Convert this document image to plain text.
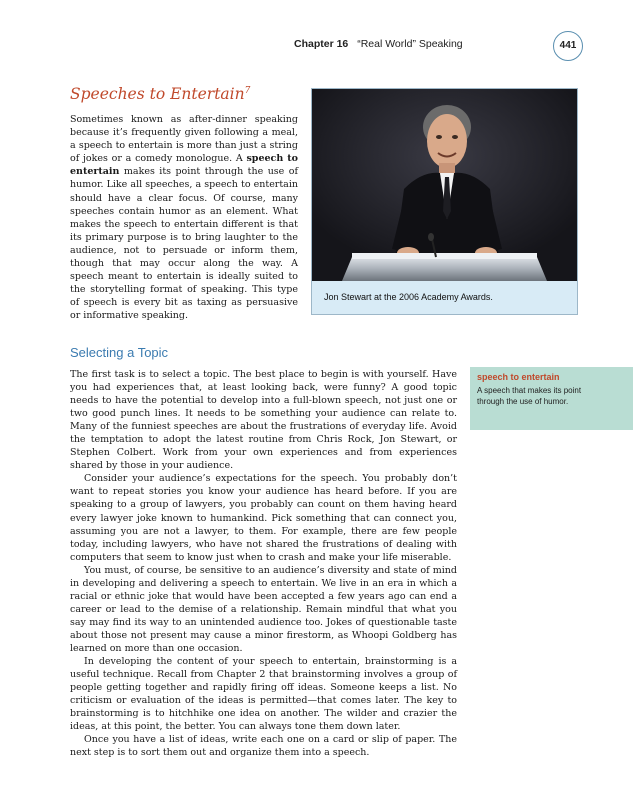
Chapter 16 “Real World” Speaking	441
Speeches to Entertain$^7$
Sometimes known as after-dinner speaking because it’s frequently given following a meal, a speech to entertain is more than just a string of jokes or a comedy monologue. A speech to entertain makes its point through the use of humor. Like all speeches, a speech to entertain should have a clear focus. Of course, many speeches contain humor as an element. What makes the speech to entertain different is that its primary purpose is to bring laughter to the audience, not to persuade or inform them, though that may occur along the way. A speech meant to entertain is ideally suited to the storytelling format of speaking. This type of speech is every bit as taxing as persuasive or informative speaking.
Jon Stewart at the 2006 Academy Awards.
Selecting a Topic

The first task is to select a topic. The best place to begin is with yourself. Have you had experiences that, at least looking back, were funny? A good topic needs to have the potential to develop into a full-blown speech, not just one or two good punch lines. It needs to be something your audience can relate to. Many of the funniest speeches are about the frustrations of everyday life. Avoid the temptation to adopt the latest routine from Chris Rock, Jon Stewart, or Stephen Colbert. Work from your own experiences and from experiences shared by those in your audience.

Consider your audience’s expectations for the speech. You probably don’t want to repeat stories you know your audience has heard before. If you are speaking to a group of lawyers, you probably can count on them having heard every lawyer joke known to humankind. Pick something that can connect you, assuming you are not a lawyer, to them. For example, there are few people today, including lawyers, who have not shared the frustrations of dealing with computers that seem to know just when to crash and make your life miserable.

You must, of course, be sensitive to an audience’s diversity and state of mind in developing and delivering a speech to entertain. We live in an era in which a racial or ethnic joke that would have been accepted a few years ago can end a career or lead to the demise of a relationship. Remain mindful that what you say may find its way to an unintended audience too. Jokes of questionable taste about those not present may cause a minor firestorm, as Whoopi Goldberg has learned on more than one occasion.

In developing the content of your speech to entertain, brainstorming is a useful technique. Recall from Chapter 2 that brainstorming involves a group of people getting together and rapidly firing off ideas. Someone keeps a list. No criticism or evaluation of the ideas is permitted—that comes later. The key to brainstorming is to hitchhike one idea on another. The wilder and crazier the ideas, at this point, the better. You can always tone them down later.

Once you have a list of ideas, write each one on a card or slip of paper. The next step is to sort them out and organize them into a speech.

speech to entertain
A speech that makes its point through the use of humor.
